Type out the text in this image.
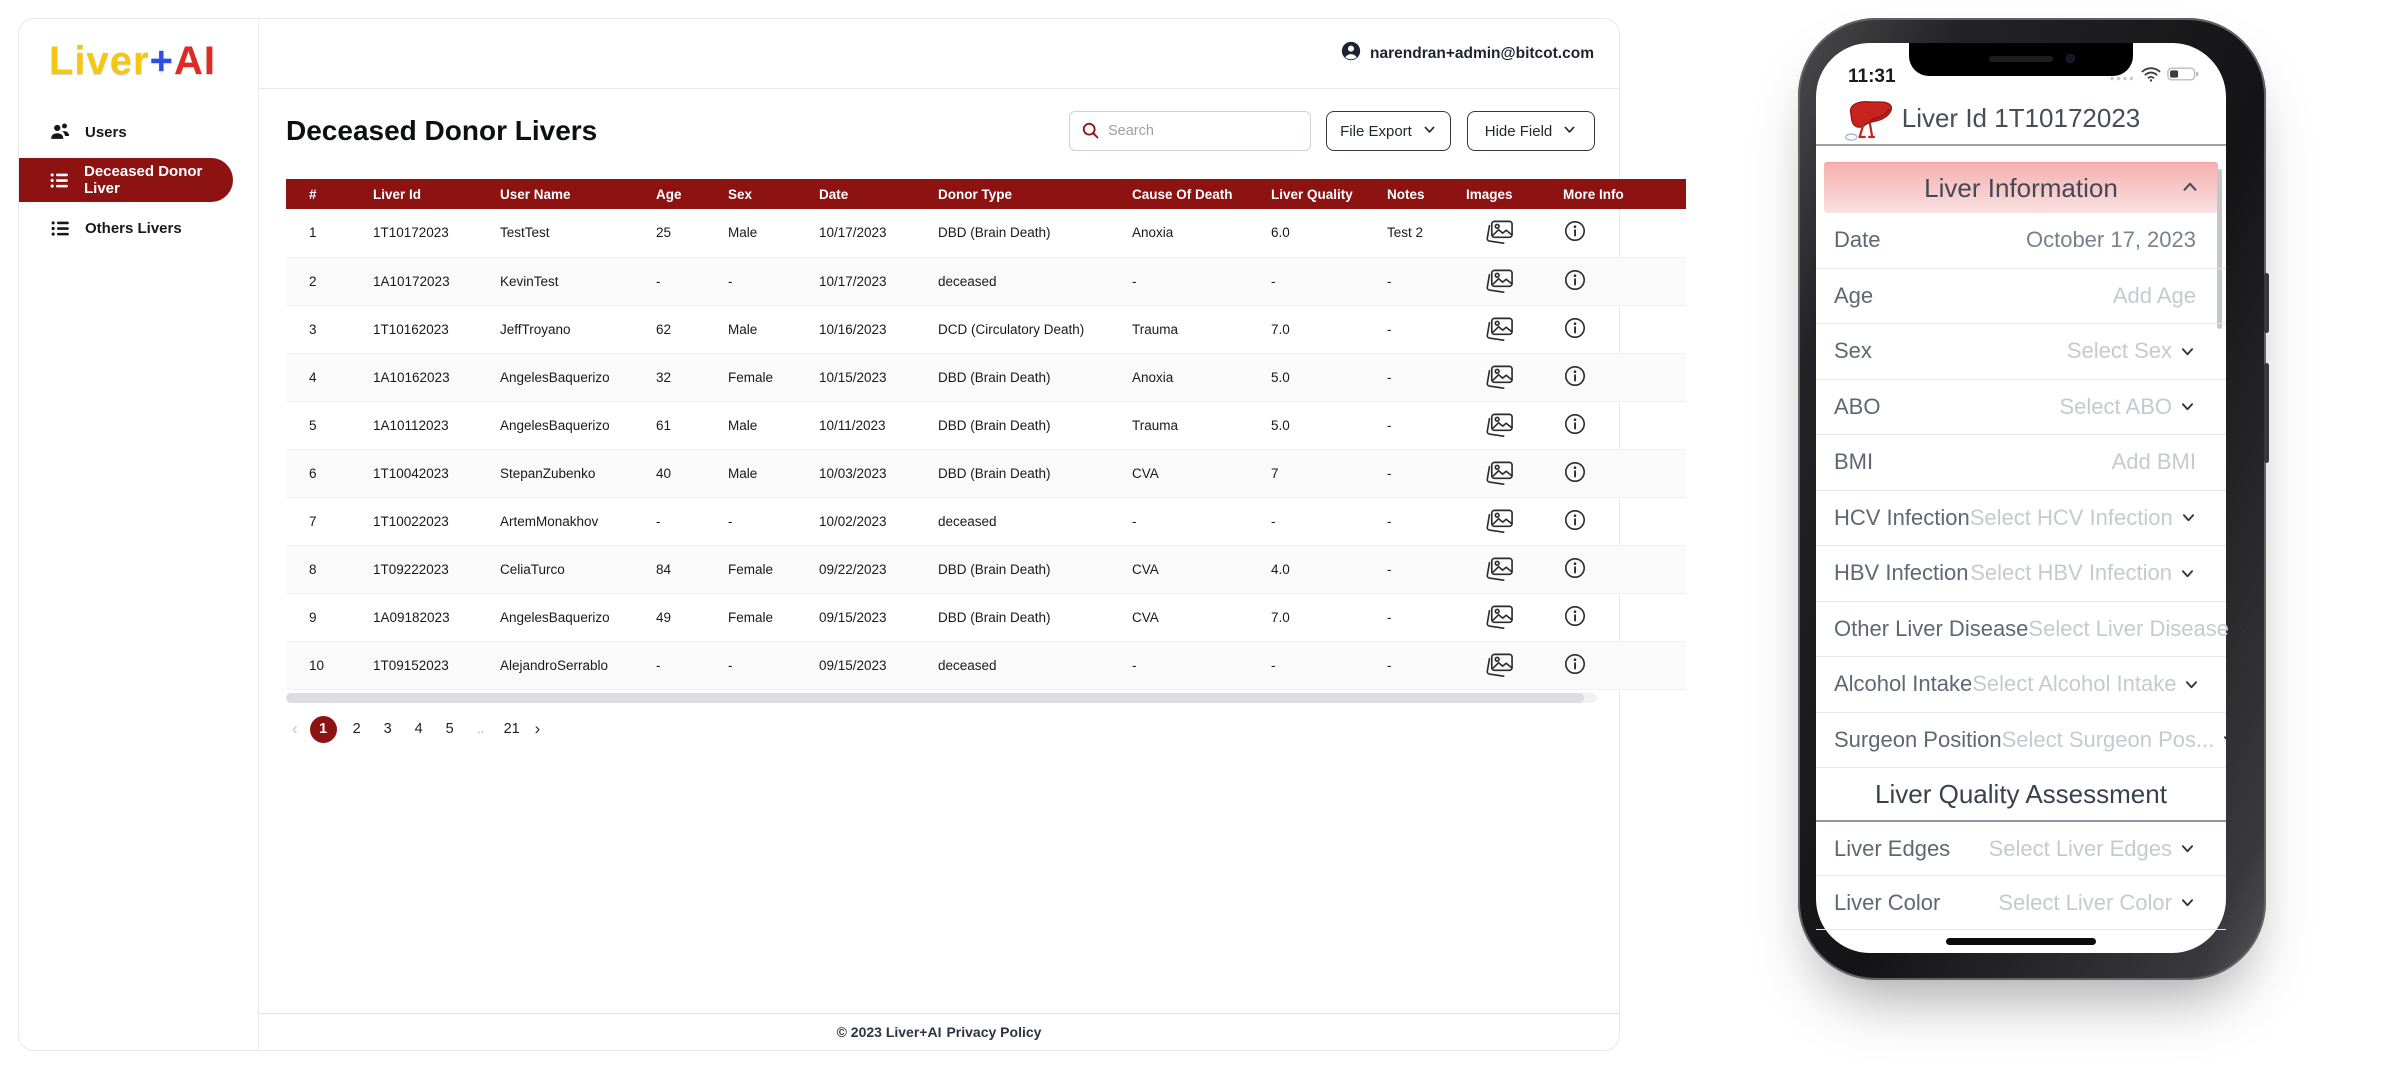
Liver+AI
Users
Deceased Donor Liver
Others Livers
narendran+admin@bitcot.com
Deceased Donor Livers
Search	File Export	Hide Field
#	Liver Id	User Name	Age	Sex	Date	Donor Type	Cause Of Death	Liver Quality	Notes	Images	More Info
1	1T10172023	TestTest	25	Male	10/17/2023	DBD (Brain Death)	Anoxia	6.0	Test 2	

2	1A10172023	KevinTest	-	-	10/17/2023	deceased	-	-	-	

3	1T10162023	JeffTroyano	62	Male	10/16/2023	DCD (Circulatory Death)	Trauma	7.0	-	

4	1A10162023	AngelesBaquerizo	32	Female	10/15/2023	DBD (Brain Death)	Anoxia	5.0	-	

5	1A10112023	AngelesBaquerizo	61	Male	10/11/2023	DBD (Brain Death)	Trauma	5.0	-	

6	1T10042023	StepanZubenko	40	Male	10/03/2023	DBD (Brain Death)	CVA	7	-	

7	1T10022023	ArtemMonakhov	-	-	10/02/2023	deceased	-	-	-	

8	1T09222023	CeliaTurco	84	Female	09/22/2023	DBD (Brain Death)	CVA	4.0	-	

9	1A09182023	AngelesBaquerizo	49	Female	09/15/2023	DBD (Brain Death)	CVA	7.0	-	

10	1T09152023	AlejandroSerrablo	-	-	09/15/2023	deceased	-	-	-	

‹	1	2	3	4	5	..	21 ›
© 2023 Liver+AI Privacy Policy
11:31
Liver Id 1T10172023
Liver Information
Date	October 17, 2023
Age	Add Age
Sex	Select Sex
ABO	Select ABO
BMI	Add BMI
HCV Infection Select HCV Infection
HBV Infection Select HBV Infection
Other Liver Disease Select Liver Disease
Alcohol Intake Select Alcohol Intake
Surgeon Position Select Surgeon Pos...
Liver Quality Assessment
Liver Edges Select Liver Edges
Liver Color	Select Liver Color
